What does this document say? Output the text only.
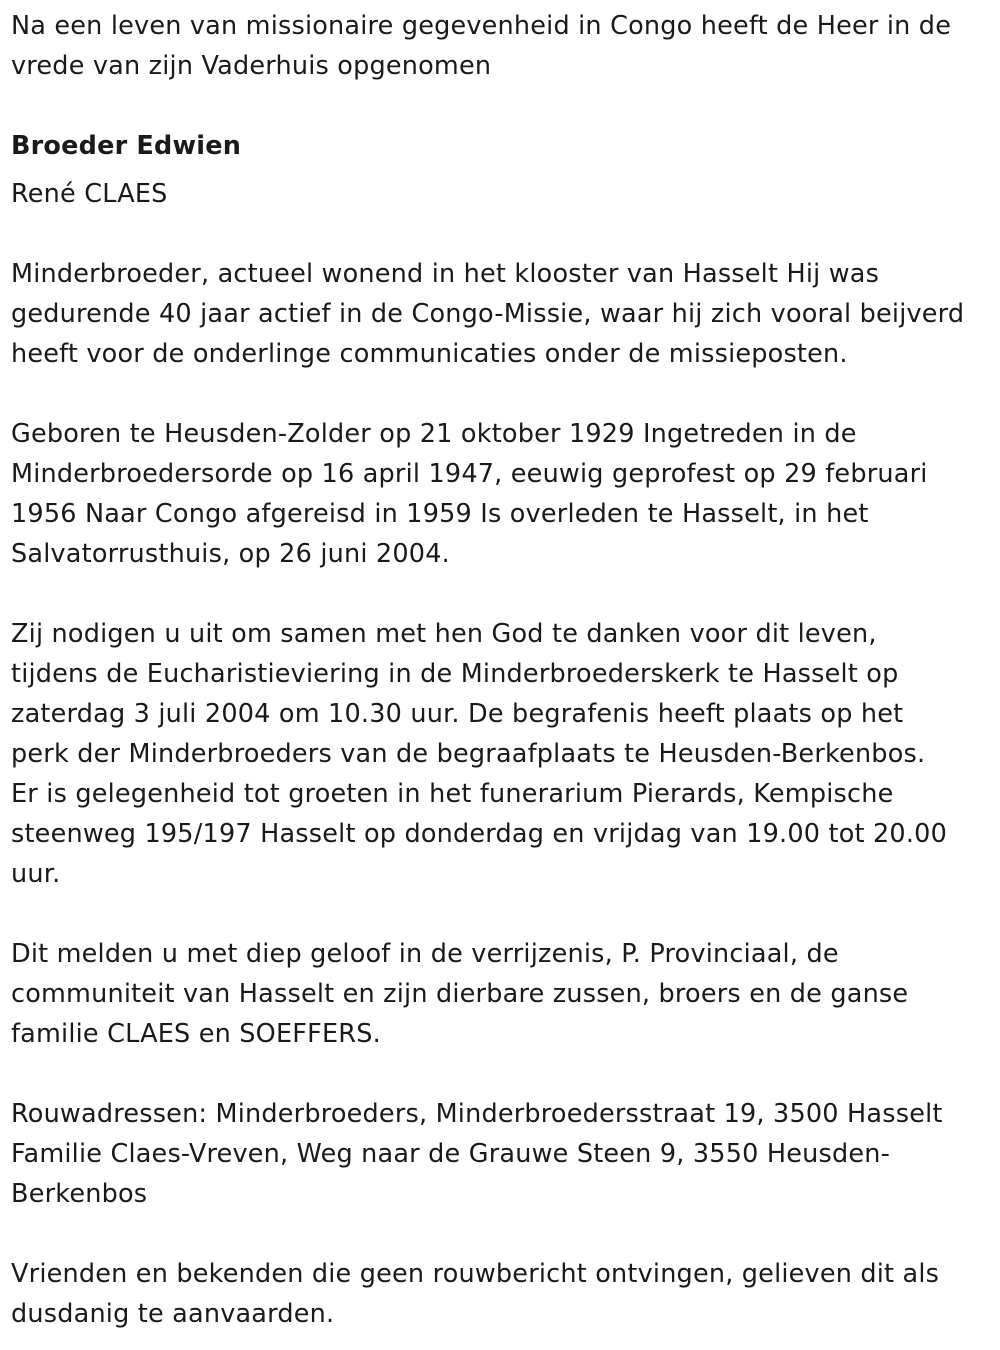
Na een leven van missionaire gegevenheid in Congo heeft de Heer in de
vrede van zijn Vaderhuis opgenomen

Broeder Edwien

René CLAES

Minderbroeder, actueel wonend in het klooster van Hasselt Hij was
gedurende 40 jaar actief in de Congo-Missie, waar hij zich vooral beijverd
heeft voor de onderlinge communicaties onder de missieposten.

Geboren te Heusden-Zolder op 21 oktober 1929 Ingetreden in de
Minderbroedersorde op 16 april 1947, eeuwig geprofest op 29 februari
1956 Naar Congo afgereisd in 1959 Is overleden te Hasselt, in het
Salvatorrusthuis, op 26 juni 2004.

Zij nodigen u uit om samen met hen God te danken voor dit leven,
tijdens de Eucharistieviering in de Minderbroederskerk te Hasselt op
zaterdag 3 juli 2004 om 10.30 uur. De begrafenis heeft plaats op het
perk der Minderbroeders van de begraafplaats te Heusden-Berkenbos.
Er is gelegenheid tot groeten in het funerarium Pierards, Kempische
steenweg 195/197 Hasselt op donderdag en vrijdag van 19.00 tot 20.00
uur.

Dit melden u met diep geloof in de verrijzenis, P. Provinciaal, de
communiteit van Hasselt en zijn dierbare zussen, broers en de ganse
familie CLAES en SOEFFERS.

Rouwadressen: Minderbroeders, Minderbroedersstraat 19, 3500 Hasselt
Familie Claes-Vreven, Weg naar de Grauwe Steen 9, 3550 Heusden-
Berkenbos

Vrienden en bekenden die geen rouwbericht ontvingen, gelieven dit als
dusdanig te aanvaarden.
